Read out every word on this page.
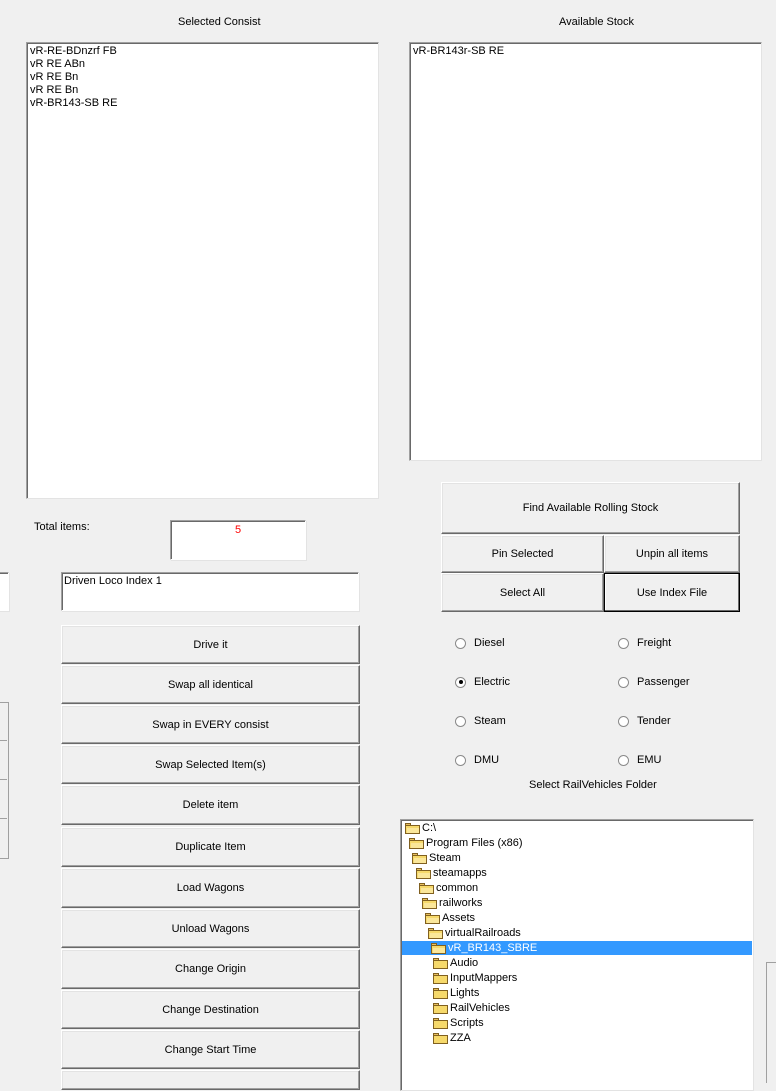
Selected Consist	Available Stock
vR-RE-BDnzrf FB
vR RE ABn
vR RE Bn
vR RE Bn
vR-BR143-SB RE
vR-BR143r-SB RE
Total items:	5
Driven Loco Index 1
Drive it
Swap all identical
Swap in EVERY consist
Swap Selected Item(s)
Delete item
Duplicate Item
Load Wagons
Unload Wagons
Change Origin
Change Destination
Change Start Time
Find Available Rolling Stock
Pin Selected	Unpin all items
Select All	Use Index File
Diesel	Freight
Electric	Passenger
Steam	Tender
DMU	EMU
Select RailVehicles Folder
C:\
Program Files (x86)
Steam
steamapps
common
railworks
Assets
virtualRailroads
vR_BR143_SBRE
Audio
InputMappers
Lights
RailVehicles
Scripts
ZZA
